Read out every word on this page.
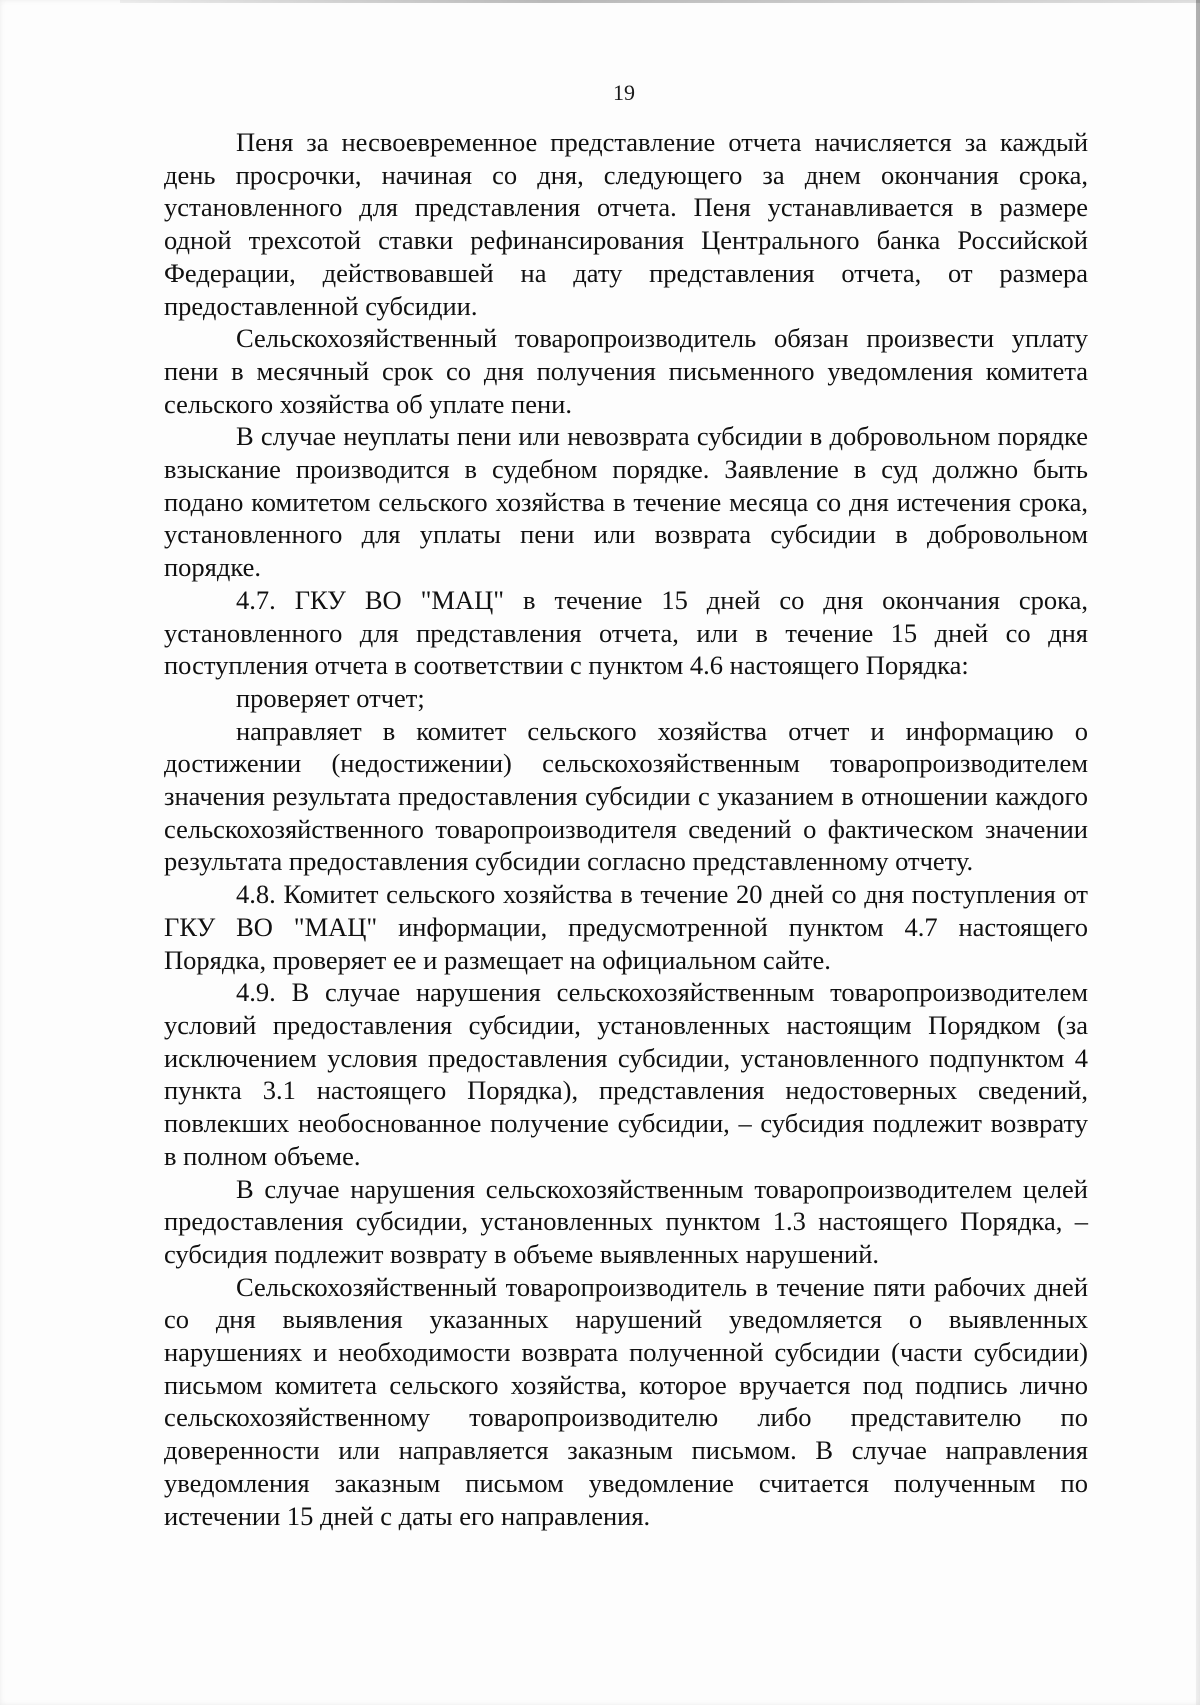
19

Пеня за несвоевременное представление отчета начисляется за каждый день просрочки, начиная со дня, следующего за днем окончания срока, установленного для представления отчета. Пеня устанавливается в размере одной трехсотой ставки рефинансирования Центрального банка Российской Федерации, действовавшей на дату представления отчета, от размера предоставленной субсидии.

Сельскохозяйственный товаропроизводитель обязан произвести уплату пени в месячный срок со дня получения письменного уведомления комитета сельского хозяйства об уплате пени.

В случае неуплаты пени или невозврата субсидии в добровольном порядке взыскание производится в судебном порядке. Заявление в суд должно быть подано комитетом сельского хозяйства в течение месяца со дня истечения срока, установленного для уплаты пени или возврата субсидии в добровольном порядке.

4.7. ГКУ ВО "МАЦ" в течение 15 дней со дня окончания срока, установленного для представления отчета, или в течение 15 дней со дня поступления отчета в соответствии с пунктом 4.6 настоящего Порядка:

проверяет отчет;

направляет в комитет сельского хозяйства отчет и информацию о достижении (недостижении) сельскохозяйственным товаропроизводителем значения результата предоставления субсидии с указанием в отношении каждого сельскохозяйственного товаропроизводителя сведений о фактическом значении результата предоставления субсидии согласно представленному отчету.

4.8. Комитет сельского хозяйства в течение 20 дней со дня поступления от ГКУ ВО "МАЦ" информации, предусмотренной пунктом 4.7 настоящего Порядка, проверяет ее и размещает на официальном сайте.

4.9. В случае нарушения сельскохозяйственным товаропроизводителем условий предоставления субсидии, установленных настоящим Порядком (за исключением условия предоставления субсидии, установленного подпунктом 4 пункта 3.1 настоящего Порядка), представления недостоверных сведений, повлекших необоснованное получение субсидии, – субсидия подлежит возврату в полном объеме.

В случае нарушения сельскохозяйственным товаропроизводителем целей предоставления субсидии, установленных пунктом 1.3 настоящего Порядка, – субсидия подлежит возврату в объеме выявленных нарушений.

Сельскохозяйственный товаропроизводитель в течение пяти рабочих дней со дня выявления указанных нарушений уведомляется о выявленных нарушениях и необходимости возврата полученной субсидии (части субсидии) письмом комитета сельского хозяйства, которое вручается под подпись лично сельскохозяйственному товаропроизводителю либо представителю по доверенности или направляется заказным письмом. В случае направления уведомления заказным письмом уведомление считается полученным по истечении 15 дней с даты его направления.
